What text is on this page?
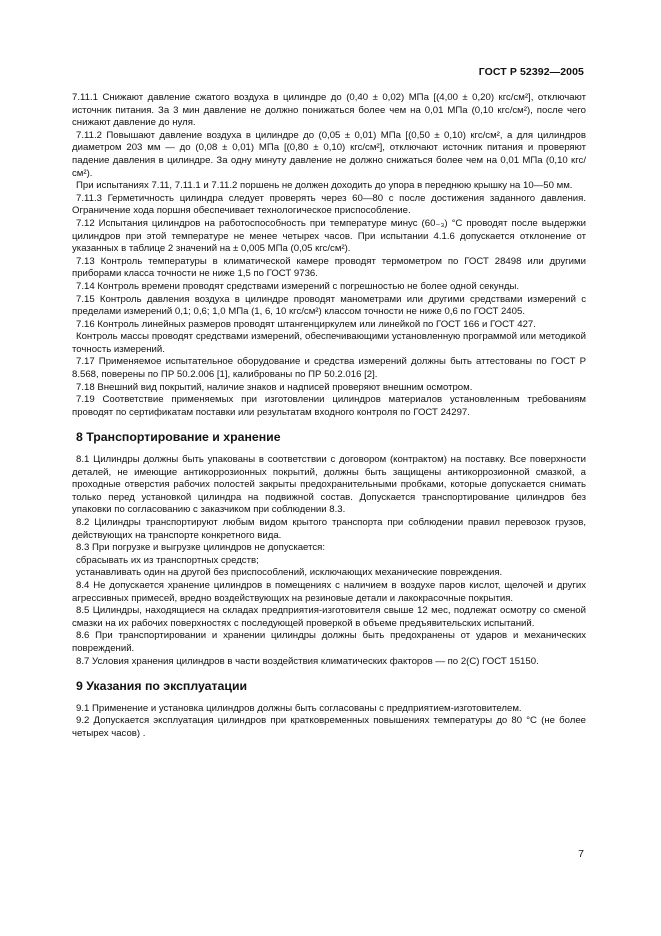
ГОСТ Р 52392—2005

7.11.1 Снижают давление сжатого воздуха в цилиндре до (0,40 ± 0,02) МПа [(4,00 ± 0,20) кгс/см²], отключают источник питания. За 3 мин давление не должно понижаться более чем на 0,01 МПа (0,10 кгс/см²), после чего снижают давление до нуля.

7.11.2 Повышают давление воздуха в цилиндре до (0,05 ± 0,01) МПа [(0,50 ± 0,10) кгс/см², а для цилиндров диаметром 203 мм — до (0,08 ± 0,01) МПа [(0,80 ± 0,10) кгс/см²], отключают источник питания и проверяют падение давления в цилиндре. За одну минуту давление не должно снижаться более чем на 0,01 МПа (0,10 кгс/см²).

При испытаниях 7.11, 7.11.1 и 7.11.2 поршень не должен доходить до упора в переднюю крышку на 10—50 мм.

7.11.3 Герметичность цилиндра следует проверять через 60—80 с после достижения заданного давления. Ограничение хода поршня обеспечивает технологическое приспособление.

7.12 Испытания цилиндров на работоспособность при температуре минус (60₋₃) °С проводят после выдержки цилиндров при этой температуре не менее четырех часов. При испытании 4.1.6 допускается отклонение от указанных в таблице 2 значений на ± 0,005 МПа (0,05 кгс/см²).

7.13 Контроль температуры в климатической камере проводят термометром по ГОСТ 28498 или другими приборами класса точности не ниже 1,5 по ГОСТ 9736.

7.14 Контроль времени проводят средствами измерений с погрешностью не более одной секунды.

7.15 Контроль давления воздуха в цилиндре проводят манометрами или другими средствами измерений с пределами измерений 0,1; 0,6; 1,0 МПа (1, 6, 10 кгс/см²) классом точности не ниже 0,6 по ГОСТ 2405.

7.16 Контроль линейных размеров проводят штангенциркулем или линейкой по ГОСТ 166 и ГОСТ 427.

Контроль массы проводят средствами измерений, обеспечивающими установленную программой или методикой точность измерений.

7.17 Применяемое испытательное оборудование и средства измерений должны быть аттестованы по ГОСТ Р 8.568, поверены по ПР 50.2.006 [1], калиброваны по ПР 50.2.016 [2].

7.18 Внешний вид покрытий, наличие знаков и надписей проверяют внешним осмотром.

7.19 Соответствие применяемых при изготовлении цилиндров материалов установленным требованиям проводят по сертификатам поставки или результатам входного контроля по ГОСТ 24297.

8 Транспортирование и хранение

8.1 Цилиндры должны быть упакованы в соответствии с договором (контрактом) на поставку. Все поверхности деталей, не имеющие антикоррозионных покрытий, должны быть защищены антикоррозионной смазкой, а проходные отверстия рабочих полостей закрыты предохранительными пробками, которые допускается снимать только перед установкой цилиндра на подвижной состав. Допускается транспортирование цилиндров без упаковки по согласованию с заказчиком при соблюдении 8.3.

8.2 Цилиндры транспортируют любым видом крытого транспорта при соблюдении правил перевозок грузов, действующих на транспорте конкретного вида.

8.3 При погрузке и выгрузке цилиндров не допускается:

сбрасывать их из транспортных средств;

устанавливать один на другой без приспособлений, исключающих механические повреждения.

8.4 Не допускается хранение цилиндров в помещениях с наличием в воздухе паров кислот, щелочей и других агрессивных примесей, вредно воздействующих на резиновые детали и лакокрасочные покрытия.

8.5 Цилиндры, находящиеся на складах предприятия-изготовителя свыше 12 мес, подлежат осмотру со сменой смазки на их рабочих поверхностях с последующей проверкой в объеме предъявительских испытаний.

8.6 При транспортировании и хранении цилиндры должны быть предохранены от ударов и механических повреждений.

8.7 Условия хранения цилиндров в части воздействия климатических факторов — по 2(С) ГОСТ 15150.

9 Указания по эксплуатации

9.1 Применение и установка цилиндров должны быть согласованы с предприятием-изготовителем.

9.2 Допускается эксплуатация цилиндров при кратковременных повышениях температуры до 80 °С (не более четырех часов) .

7
